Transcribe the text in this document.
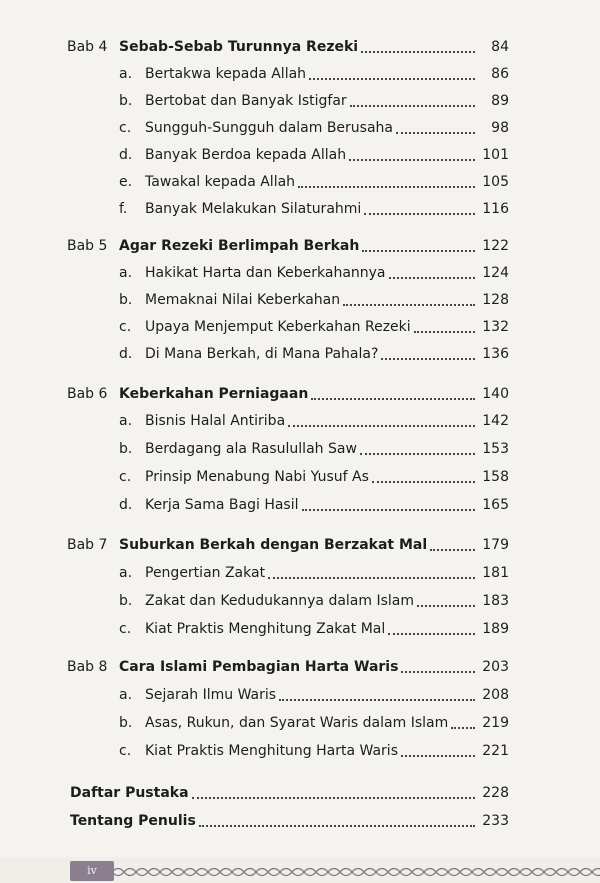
Bab 4 Sebab-Sebab Turunnya Rezeki	84
a. Bertakwa kepada Allah	86
b. Bertobat dan Banyak Istigfar	89
c. Sungguh-Sungguh dalam Berusaha	98
d. Banyak Berdoa kepada Allah	101
e. Tawakal kepada Allah	105
f.	Banyak Melakukan Silaturahmi	116
Bab 5 Agar Rezeki Berlimpah Berkah	122
a. Hakikat Harta dan Keberkahannya	124
b. Memaknai Nilai Keberkahan	128
c. Upaya Menjemput Keberkahan Rezeki	132
d. Di Mana Berkah, di Mana Pahala?	136
Bab 6 Keberkahan Perniagaan	140
a. Bisnis Halal Antiriba	142
b. Berdagang ala Rasulullah Saw	153
c. Prinsip Menabung Nabi Yusuf As	158
d. Kerja Sama Bagi Hasil	165
Bab 7 Suburkan Berkah dengan Berzakat Mal	179
a. Pengertian Zakat	181
b. Zakat dan Kedudukannya dalam Islam	183
c. Kiat Praktis Menghitung Zakat Mal	189
Bab 8 Cara Islami Pembagian Harta Waris	203
a. Sejarah Ilmu Waris	208
b. Asas, Rukun, dan Syarat Waris dalam Islam 219
c. Kiat Praktis Menghitung Harta Waris	221
Daftar Pustaka	228
Tentang Penulis	233
iv
